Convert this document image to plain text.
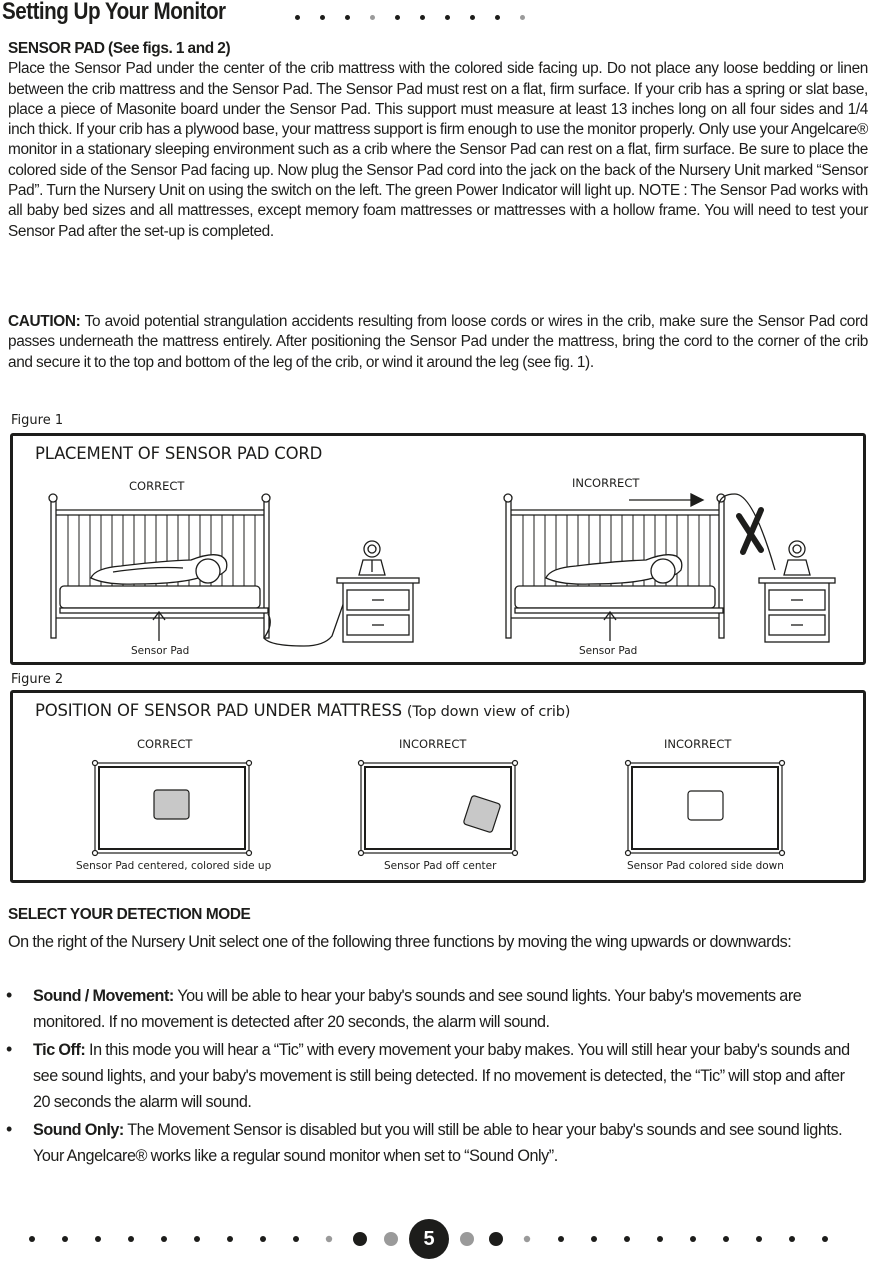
Setting Up Your Monitor
SENSOR PAD (See figs. 1 and 2)
Place the Sensor Pad under the center of the crib mattress with the colored side facing up. Do not place any loose bedding or linen between the crib mattress and the Sensor Pad. The Sensor Pad must rest on a flat, firm surface. If your crib has a spring or slat base, place a piece of Masonite board under the Sensor Pad. This support must measure at least 13 inches long on all four sides and 1/4 inch thick. If your crib has a plywood base, your mattress support is firm enough to use the monitor properly. Only use your Angelcare® monitor in a stationary sleeping environment such as a crib where the Sensor Pad can rest on a flat, firm surface. Be sure to place the colored side of the Sensor Pad facing up. Now plug the Sensor Pad cord into the jack on the back of the Nursery Unit marked “Sensor Pad”. Turn the Nursery Unit on using the switch on the left. The green Power Indicator will light up. NOTE : The Sensor Pad works with all baby bed sizes and all mattresses, except memory foam mattresses or mattresses with a hollow frame. You will need to test your Sensor Pad after the set-up is completed.
CAUTION: To avoid potential strangulation accidents resulting from loose cords or wires in the crib, make sure the Sensor Pad cord passes underneath the mattress entirely. After positioning the Sensor Pad under the mattress, bring the cord to the corner of the crib and secure it to the top and bottom of the leg of the crib, or wind it around the leg (see fig. 1).
Figure 1
PLACEMENT OF SENSOR PAD CORD
CORRECT	INCORRECT
Sensor Pad	Sensor Pad
Figure 2
POSITION OF SENSOR PAD UNDER MATTRESS (Top down view of crib)
CORRECT	INCORRECT	INCORRECT
Sensor Pad centered, colored side up	Sensor Pad off center	Sensor Pad colored side down
SELECT YOUR DETECTION MODE
On the right of the Nursery Unit select one of the following three functions by moving the wing upwards or downwards:
• Sound / Movement: You will be able to hear your baby's sounds and see sound lights. Your baby's movements are monitored. If no movement is detected after 20 seconds, the alarm will sound.
• Tic Off: In this mode you will hear a “Tic” with every movement your baby makes. You will still hear your baby's sounds and see sound lights, and your baby's movement is still being detected. If no movement is detected, the “Tic” will stop and after 20 seconds the alarm will sound.
• Sound Only: The Movement Sensor is disabled but you will still be able to hear your baby's sounds and see sound lights. Your Angelcare® works like a regular sound monitor when set to “Sound Only”.
5
